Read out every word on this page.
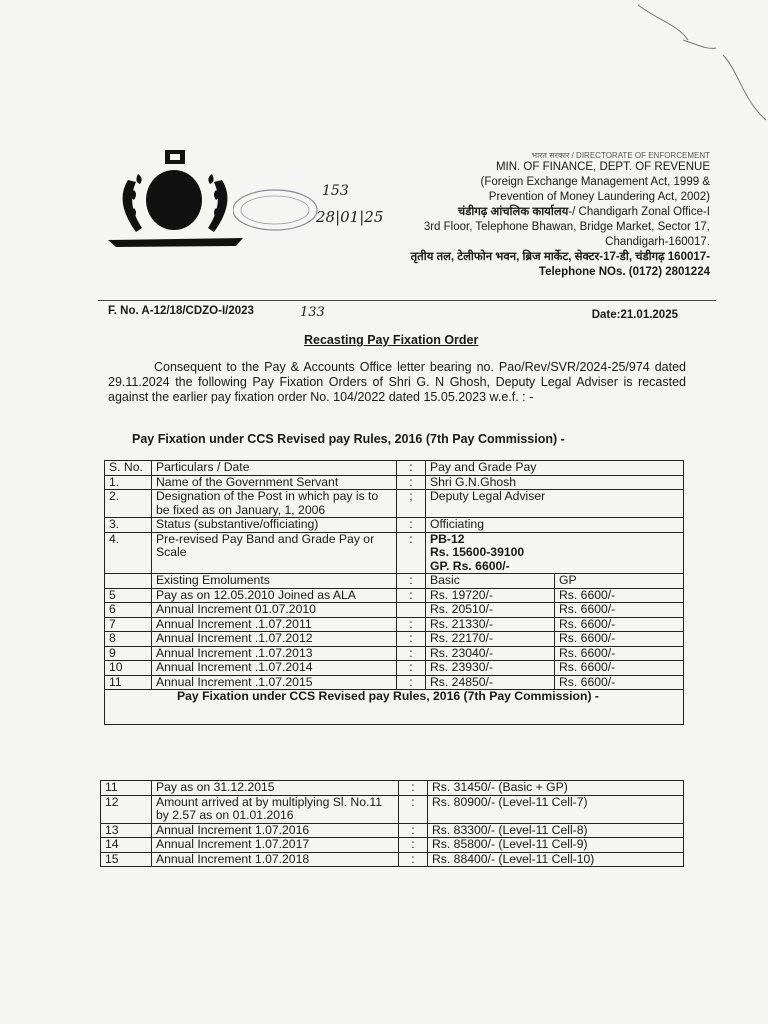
153
28|01|25
भारत सरकार / DIRECTORATE OF ENFORCEMENT
MIN. OF FINANCE, DEPT. OF REVENUE
(Foreign Exchange Management Act, 1999 &
Prevention of Money Laundering Act, 2002)
चंडीगढ़ आंचलिक कार्यालय-/ Chandigarh Zonal Office-I
3rd Floor, Telephone Bhawan, Bridge Market, Sector 17,
Chandigarh-160017.
तृतीय तल, टेलीफोन भवन, ब्रिज मार्केट, सेक्टर-17-डी, चंडीगढ़ 160017-
Telephone NOs. (0172) 2801224
F. No. A-12/18/CDZO-I/2023	133	Date:21.01.2025
Recasting Pay Fixation Order
Consequent to the Pay & Accounts Office letter bearing no. Pao/Rev/SVR/2024-25/974 dated 29.11.2024 the following Pay Fixation Orders of Shri G. N Ghosh, Deputy Legal Adviser is recasted against the earlier pay fixation order No. 104/2022 dated 15.05.2023 w.e.f. : -
Pay Fixation under CCS Revised pay Rules, 2016 (7th Pay Commission) -
S. No.	Particulars / Date	:	Pay and Grade Pay	
1.	Name of the Government Servant	:	Shri G.N.Ghosh	
2.	Designation of the Post in which pay is to be fixed as on January, 1, 2006	;	Deputy Legal Adviser	
3.	Status (substantive/officiating)	:	Officiating	
4.	Pre-revised Pay Band and Grade Pay or Scale	:	PB-12
Rs. 15600-39100
GP. Rs. 6600/-	

	Existing Emoluments	:	Basic	GP
5	Pay as on 12.05.2010 Joined as ALA	:	Rs. 19720/-	Rs. 6600/-
6	Annual Increment 01.07.2010		Rs. 20510/-	Rs. 6600/-
7	Annual Increment .1.07.2011	:	Rs. 21330/-	Rs. 6600/-
8	Annual Increment .1.07.2012	:	Rs. 22170/-	Rs. 6600/-
9	Annual Increment .1.07.2013	:	Rs. 23040/-	Rs. 6600/-
10	Annual Increment .1.07.2014	:	Rs. 23930/-	Rs. 6600/-
11	Annual Increment .1.07.2015	:	Rs. 24850/-	Rs. 6600/-
Pay Fixation under CCS Revised pay Rules, 2016 (7th Pay Commission) -				
11	Pay as on 31.12.2015	:	Rs. 31450/- (Basic + GP)
12	Amount arrived at by multiplying Sl. No.11 by 2.57 as on 01.01.2016	:	Rs. 80900/- (Level-11 Cell-7)
13	Annual Increment 1.07.2016	:	Rs. 83300/- (Level-11 Cell-8)
14	Annual Increment 1.07.2017	:	Rs. 85800/- (Level-11 Cell-9)
15	Annual Increment 1.07.2018	:	Rs. 88400/- (Level-11 Cell-10)
